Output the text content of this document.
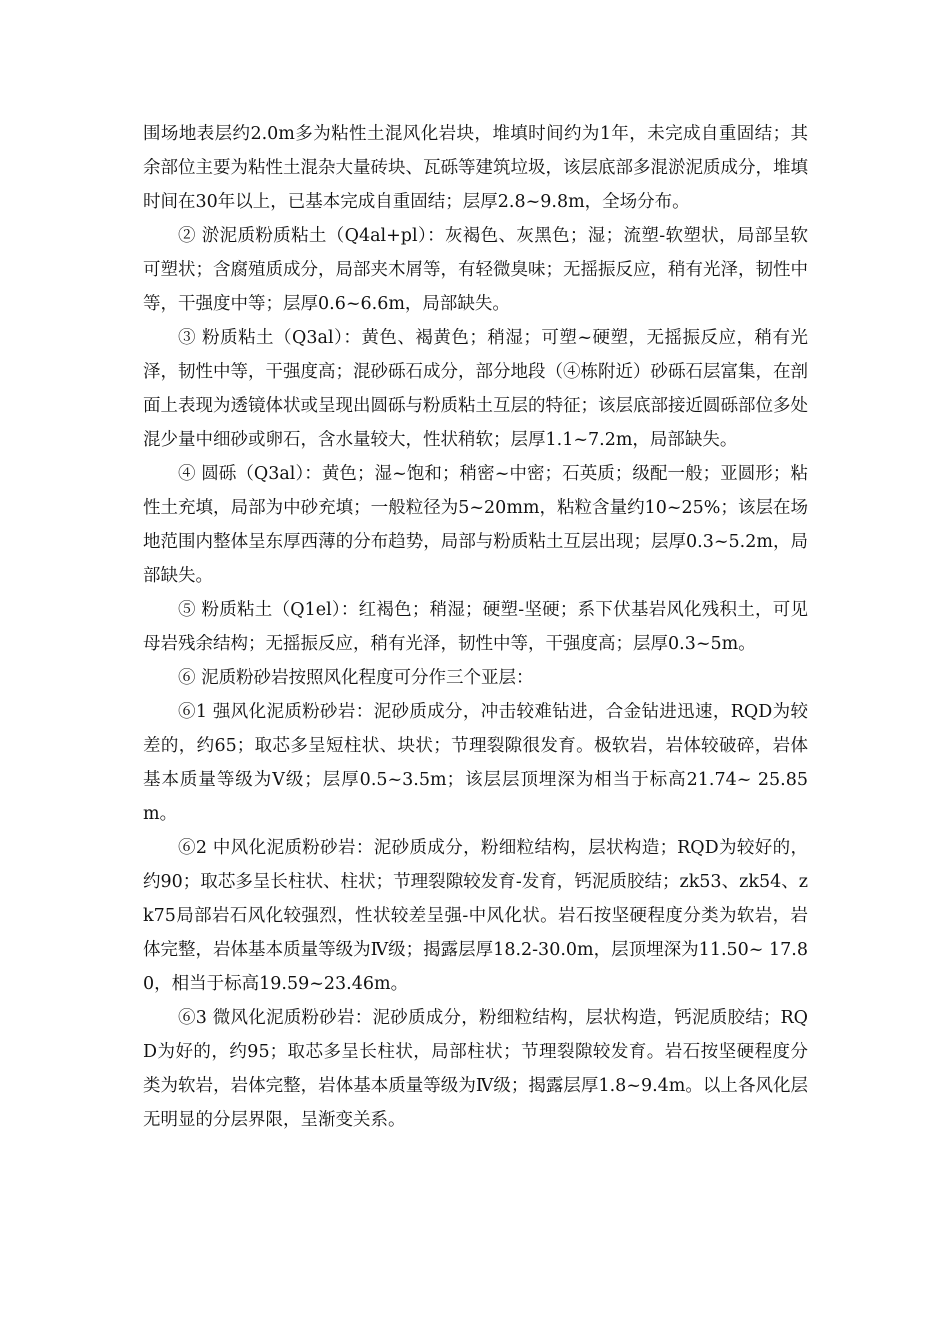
围场地表层约2.0m多为粘性土混风化岩块，堆填时间约为1年，未完成自重固结；其余部位主要为粘性土混杂大量砖块、瓦砾等建筑垃圾，该层底部多混淤泥质成分，堆填时间在30年以上，已基本完成自重固结；层厚2.8~9.8m，全场分布。

② 淤泥质粉质粘土（Q4al+pl）：灰褐色、灰黑色；湿；流塑-软塑状，局部呈软可塑状；含腐殖质成分，局部夹木屑等，有轻微臭味；无摇振反应，稍有光泽，韧性中等，干强度中等；层厚0.6~6.6m，局部缺失。

③ 粉质粘土（Q3al）：黄色、褐黄色；稍湿；可塑~硬塑，无摇振反应，稍有光泽，韧性中等，干强度高；混砂砾石成分，部分地段（④栋附近）砂砾石层富集，在剖面上表现为透镜体状或呈现出圆砾与粉质粘土互层的特征；该层底部接近圆砾部位多处混少量中细砂或卵石，含水量较大，性状稍软；层厚1.1~7.2m，局部缺失。

④ 圆砾（Q3al）：黄色；湿~饱和；稍密~中密；石英质；级配一般；亚圆形；粘性土充填，局部为中砂充填；一般粒径为5~20mm，粘粒含量约10~25%；该层在场地范围内整体呈东厚西薄的分布趋势，局部与粉质粘土互层出现；层厚0.3~5.2m，局部缺失。

⑤ 粉质粘土（Q1el）：红褐色；稍湿；硬塑-坚硬；系下伏基岩风化残积土，可见母岩残余结构；无摇振反应，稍有光泽，韧性中等，干强度高；层厚0.3~5m。

⑥ 泥质粉砂岩按照风化程度可分作三个亚层：

⑥1 强风化泥质粉砂岩：泥砂质成分，冲击较难钻进，合金钻进迅速，RQD为较差的，约65；取芯多呈短柱状、块状；节理裂隙很发育。极软岩，岩体较破碎，岩体基本质量等级为Ⅴ级；层厚0.5~3.5m；该层层顶埋深为相当于标高21.74~ 25.85m。

⑥2 中风化泥质粉砂岩：泥砂质成分，粉细粒结构，层状构造；RQD为较好的，约90；取芯多呈长柱状、柱状；节理裂隙较发育-发育，钙泥质胶结；zk53、zk54、zk75局部岩石风化较强烈，性状较差呈强-中风化状。岩石按坚硬程度分类为软岩，岩体完整，岩体基本质量等级为Ⅳ级；揭露层厚18.2-30.0m，层顶埋深为11.50~ 17.80，相当于标高19.59~23.46m。

⑥3 微风化泥质粉砂岩：泥砂质成分，粉细粒结构，层状构造，钙泥质胶结；RQD为好的，约95；取芯多呈长柱状，局部柱状；节理裂隙较发育。岩石按坚硬程度分类为软岩，岩体完整，岩体基本质量等级为Ⅳ级；揭露层厚1.8~9.4m。以上各风化层无明显的分层界限，呈渐变关系。
